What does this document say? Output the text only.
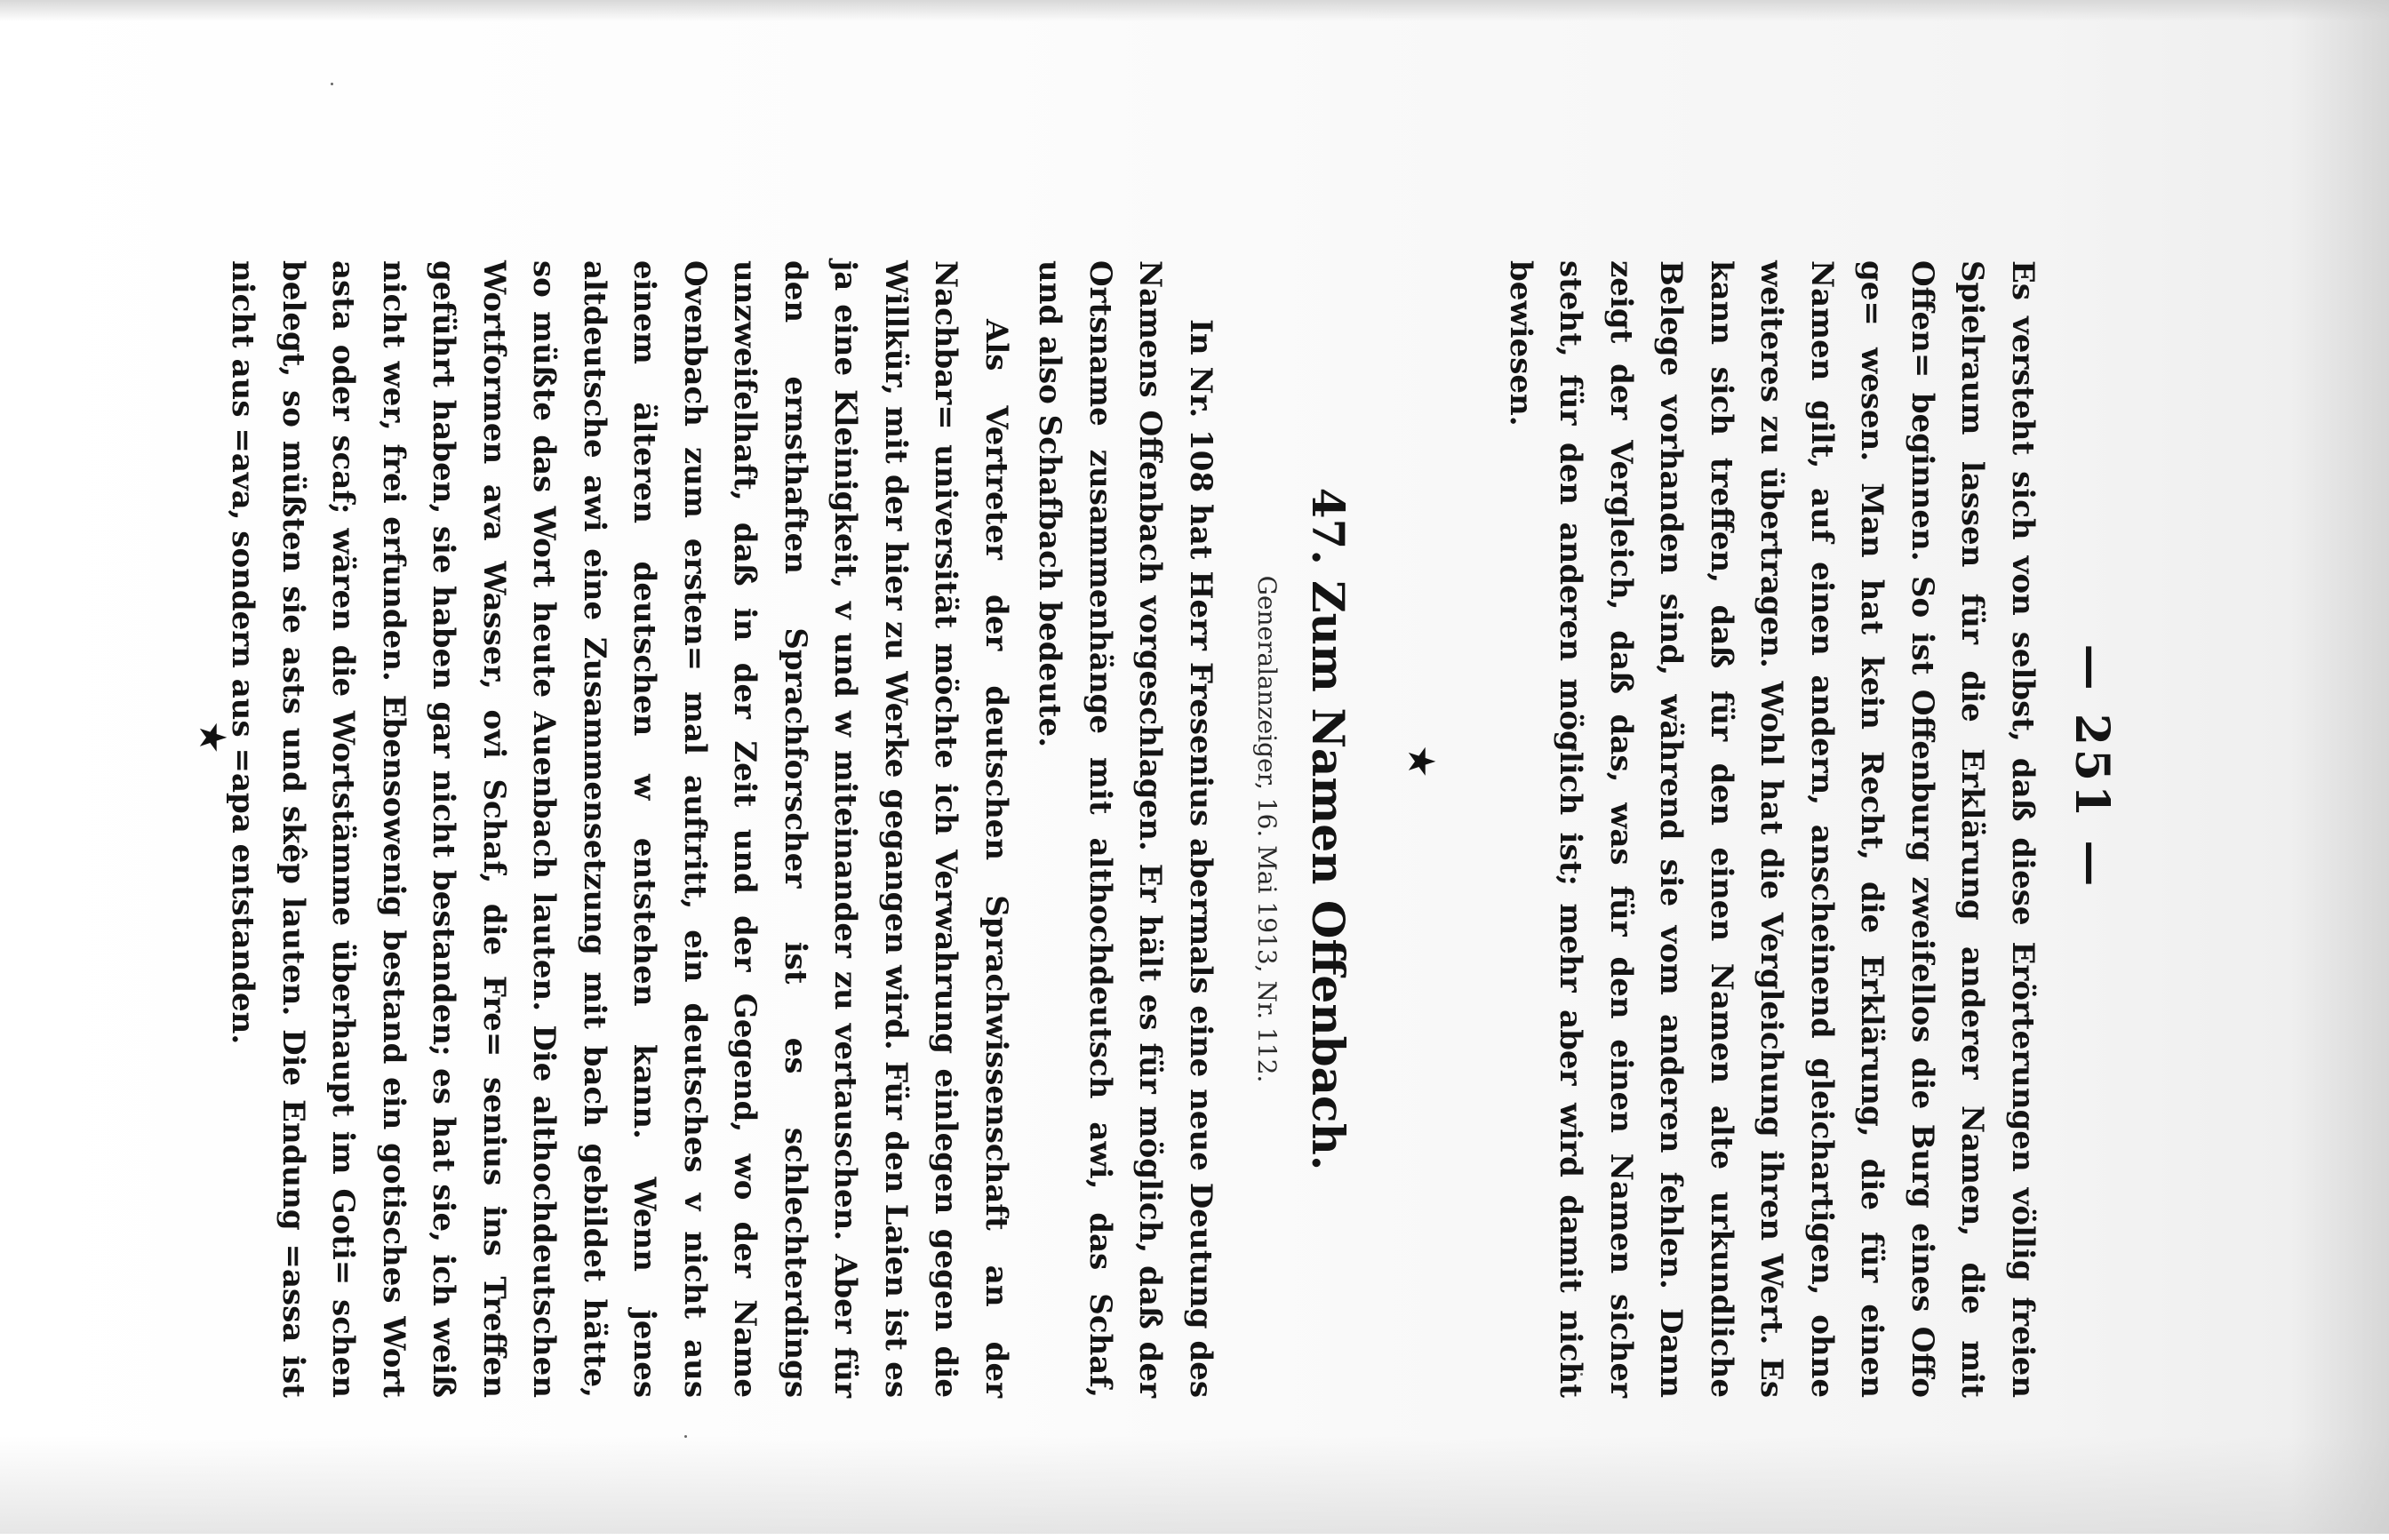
— 251 —

Es versteht sich von selbst, daß diese Erörterungen völlig freien Spielraum lassen für die Erklärung anderer Namen, die mit Offen= beginnen. So ist Offenburg zweifellos die Burg eines Offo ge= wesen. Man hat kein Recht, die Erklärung, die für einen Namen gilt, auf einen andern, anscheinend gleichartigen, ohne weiteres zu übertragen. Wohl hat die Vergleichung ihren Wert. Es kann sich treffen, daß für den einen Namen alte urkundliche Belege vorhanden sind, während sie vom anderen fehlen. Dann zeigt der Vergleich, daß das, was für den einen Namen sicher steht, für den anderen möglich ist; mehr aber wird damit nicht bewiesen.

★
47. Zum Namen Offenbach.
Generalanzeiger, 16. Mai 1913, Nr. 112.

In Nr. 108 hat Herr Fresenius abermals eine neue Deutung des Namens Offenbach vorgeschlagen. Er hält es für möglich, daß der Ortsname zusammenhänge mit althochdeutsch awi, das Schaf, und also Schafbach bedeute.

Als Vertreter der deutschen Sprachwissenschaft an der Nachbar= universität möchte ich Verwahrung einlegen gegen die Willkür, mit der hier zu Werke gegangen wird. Für den Laien ist es ja eine Kleinigkeit, v und w miteinander zu vertauschen. Aber für den ernsthaften Sprachforscher ist es schlechterdings unzweifelhaft, daß in der Zeit und der Gegend, wo der Name Ovenbach zum ersten= mal auftritt, ein deutsches v nicht aus einem älteren deutschen w entstehen kann. Wenn jenes altdeutsche awi eine Zusammensetzung mit bach gebildet hätte, so müßte das Wort heute Auenbach lauten. Die althochdeutschen Wortformen ava Wasser, ovi Schaf, die Fre= senius ins Treffen geführt haben, sie haben gar nicht bestanden; es hat sie, ich weiß nicht wer, frei erfunden. Ebensowenig bestand ein gotisches Wort asta oder scaf; wären die Wortstämme überhaupt im Goti= schen belegt, so müßten sie asts und skêp lauten. Die Endung =assa ist nicht aus =ava, sondern aus =apa entstanden.

★
